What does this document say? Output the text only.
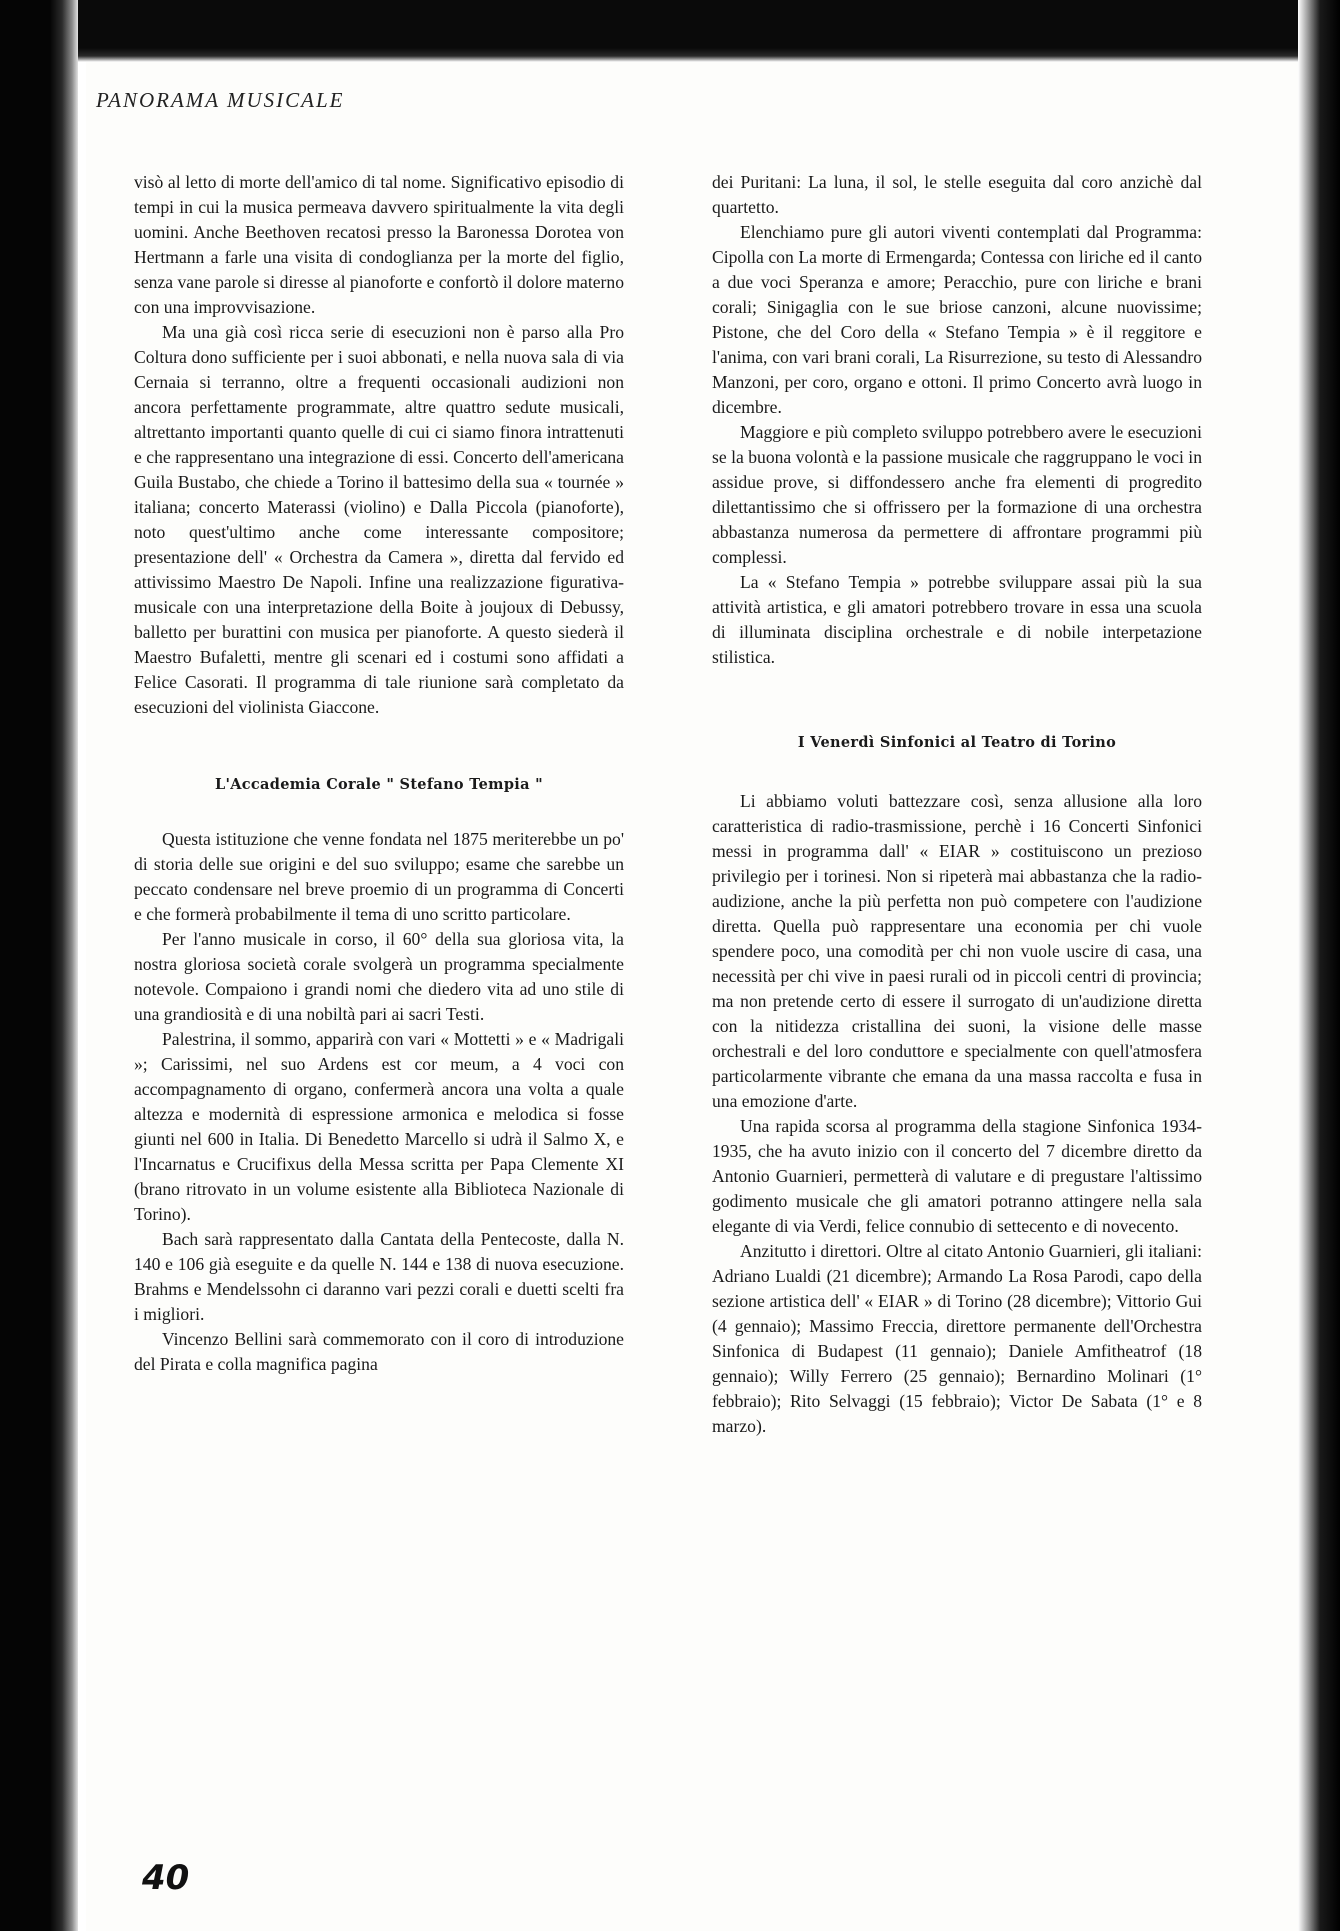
PANORAMA MUSICALE

visò al letto di morte dell'amico di tal nome. Significativo episodio di tempi in cui la musica permeava davvero spiritualmente la vita degli uomini. Anche Beethoven recatosi presso la Baronessa Dorotea von Hertmann a farle una visita di condoglianza per la morte del figlio, senza vane parole si diresse al pianoforte e confortò il dolore materno con una improvvisazione.

Ma una già così ricca serie di esecuzioni non è parso alla Pro Coltura dono sufficiente per i suoi abbonati, e nella nuova sala di via Cernaia si terranno, oltre a frequenti occasionali audizioni non ancora perfettamente programmate, altre quattro sedute musicali, altrettanto importanti quanto quelle di cui ci siamo finora intrattenuti e che rappresentano una integrazione di essi. Concerto dell'americana Guila Bustabo, che chiede a Torino il battesimo della sua « tournée » italiana; concerto Materassi (violino) e Dalla Piccola (pianoforte), noto quest'ultimo anche come interessante compositore; presentazione dell' « Orchestra da Camera », diretta dal fervido ed attivissimo Maestro De Napoli. Infine una realizzazione figurativa-musicale con una interpretazione della Boite à joujoux di Debussy, balletto per burattini con musica per pianoforte. A questo siederà il Maestro Bufaletti, mentre gli scenari ed i costumi sono affidati a Felice Casorati. Il programma di tale riunione sarà completato da esecuzioni del violinista Giaccone.

L'Accademia Corale " Stefano Tempia "

Questa istituzione che venne fondata nel 1875 meriterebbe un po' di storia delle sue origini e del suo sviluppo; esame che sarebbe un peccato condensare nel breve proemio di un programma di Concerti e che formerà probabilmente il tema di uno scritto particolare.

Per l'anno musicale in corso, il 60° della sua gloriosa vita, la nostra gloriosa società corale svolgerà un programma specialmente notevole. Compaiono i grandi nomi che diedero vita ad uno stile di una grandiosità e di una nobiltà pari ai sacri Testi.

Palestrina, il sommo, apparirà con vari « Mottetti » e « Madrigali »; Carissimi, nel suo Ardens est cor meum, a 4 voci con accompagnamento di organo, confermerà ancora una volta a quale altezza e modernità di espressione armonica e melodica si fosse giunti nel 600 in Italia. Di Benedetto Marcello si udrà il Salmo X, e l'Incarnatus e Crucifixus della Messa scritta per Papa Clemente XI (brano ritrovato in un volume esistente alla Biblioteca Nazionale di Torino).

Bach sarà rappresentato dalla Cantata della Pentecoste, dalla N. 140 e 106 già eseguite e da quelle N. 144 e 138 di nuova esecuzione. Brahms e Mendelssohn ci daranno vari pezzi corali e duetti scelti fra i migliori.

Vincenzo Bellini sarà commemorato con il coro di introduzione del Pirata e colla magnifica pagina

dei Puritani: La luna, il sol, le stelle eseguita dal coro anzichè dal quartetto.

Elenchiamo pure gli autori viventi contemplati dal Programma: Cipolla con La morte di Ermengarda; Contessa con liriche ed il canto a due voci Speranza e amore; Peracchio, pure con liriche e brani corali; Sinigaglia con le sue briose canzoni, alcune nuovissime; Pistone, che del Coro della « Stefano Tempia » è il reggitore e l'anima, con vari brani corali, La Risurrezione, su testo di Alessandro Manzoni, per coro, organo e ottoni. Il primo Concerto avrà luogo in dicembre.

Maggiore e più completo sviluppo potrebbero avere le esecuzioni se la buona volontà e la passione musicale che raggruppano le voci in assidue prove, si diffondessero anche fra elementi di progredito dilettantissimo che si offrissero per la formazione di una orchestra abbastanza numerosa da permettere di affrontare programmi più complessi.

La « Stefano Tempia » potrebbe sviluppare assai più la sua attività artistica, e gli amatori potrebbero trovare in essa una scuola di illuminata disciplina orchestrale e di nobile interpetazione stilistica.

I Venerdì Sinfonici al Teatro di Torino

Li abbiamo voluti battezzare così, senza allusione alla loro caratteristica di radio-trasmissione, perchè i 16 Concerti Sinfonici messi in programma dall' « EIAR » costituiscono un prezioso privilegio per i torinesi. Non si ripeterà mai abbastanza che la radio-audizione, anche la più perfetta non può competere con l'audizione diretta. Quella può rappresentare una economia per chi vuole spendere poco, una comodità per chi non vuole uscire di casa, una necessità per chi vive in paesi rurali od in piccoli centri di provincia; ma non pretende certo di essere il surrogato di un'audizione diretta con la nitidezza cristallina dei suoni, la visione delle masse orchestrali e del loro conduttore e specialmente con quell'atmosfera particolarmente vibrante che emana da una massa raccolta e fusa in una emozione d'arte.

Una rapida scorsa al programma della stagione Sinfonica 1934-1935, che ha avuto inizio con il concerto del 7 dicembre diretto da Antonio Guarnieri, permetterà di valutare e di pregustare l'altissimo godimento musicale che gli amatori potranno attingere nella sala elegante di via Verdi, felice connubio di settecento e di novecento.

Anzitutto i direttori. Oltre al citato Antonio Guarnieri, gli italiani: Adriano Lualdi (21 dicembre); Armando La Rosa Parodi, capo della sezione artistica dell' « EIAR » di Torino (28 dicembre); Vittorio Gui (4 gennaio); Massimo Freccia, direttore permanente dell'Orchestra Sinfonica di Budapest (11 gennaio); Daniele Amfitheatrof (18 gennaio); Willy Ferrero (25 gennaio); Bernardino Molinari (1° febbraio); Rito Selvaggi (15 febbraio); Victor De Sabata (1° e 8 marzo).

40
